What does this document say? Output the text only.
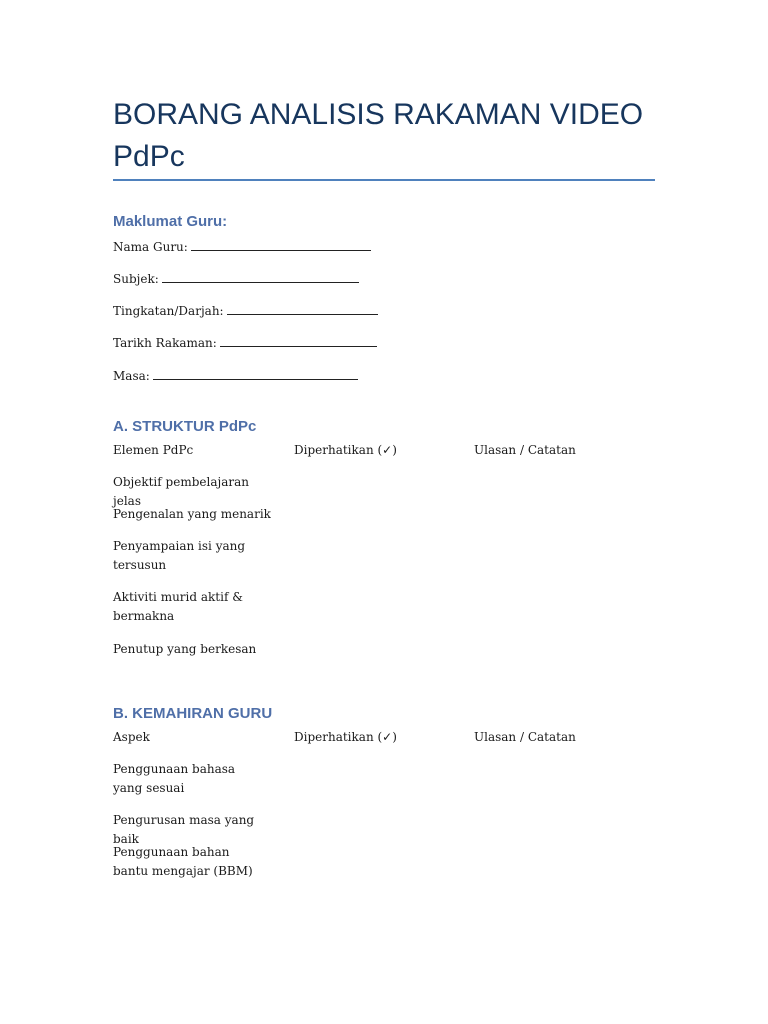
BORANG ANALISIS RAKAMAN VIDEO PdPc
Maklumat Guru:
Nama Guru:
Subjek:
Tingkatan/Darjah:
Tarikh Rakaman:
Masa:
A. STRUKTUR PdPc
Elemen PdPc	Diperhatikan (✓)	Ulasan / Catatan
Objektif pembelajaran jelas
Pengenalan yang menarik
Penyampaian isi yang tersusun
Aktiviti murid aktif & bermakna
Penutup yang berkesan
B. KEMAHIRAN GURU
Aspek	Diperhatikan (✓)	Ulasan / Catatan
Penggunaan bahasa yang sesuai
Pengurusan masa yang baik
Penggunaan bahan bantu mengajar (BBM)
